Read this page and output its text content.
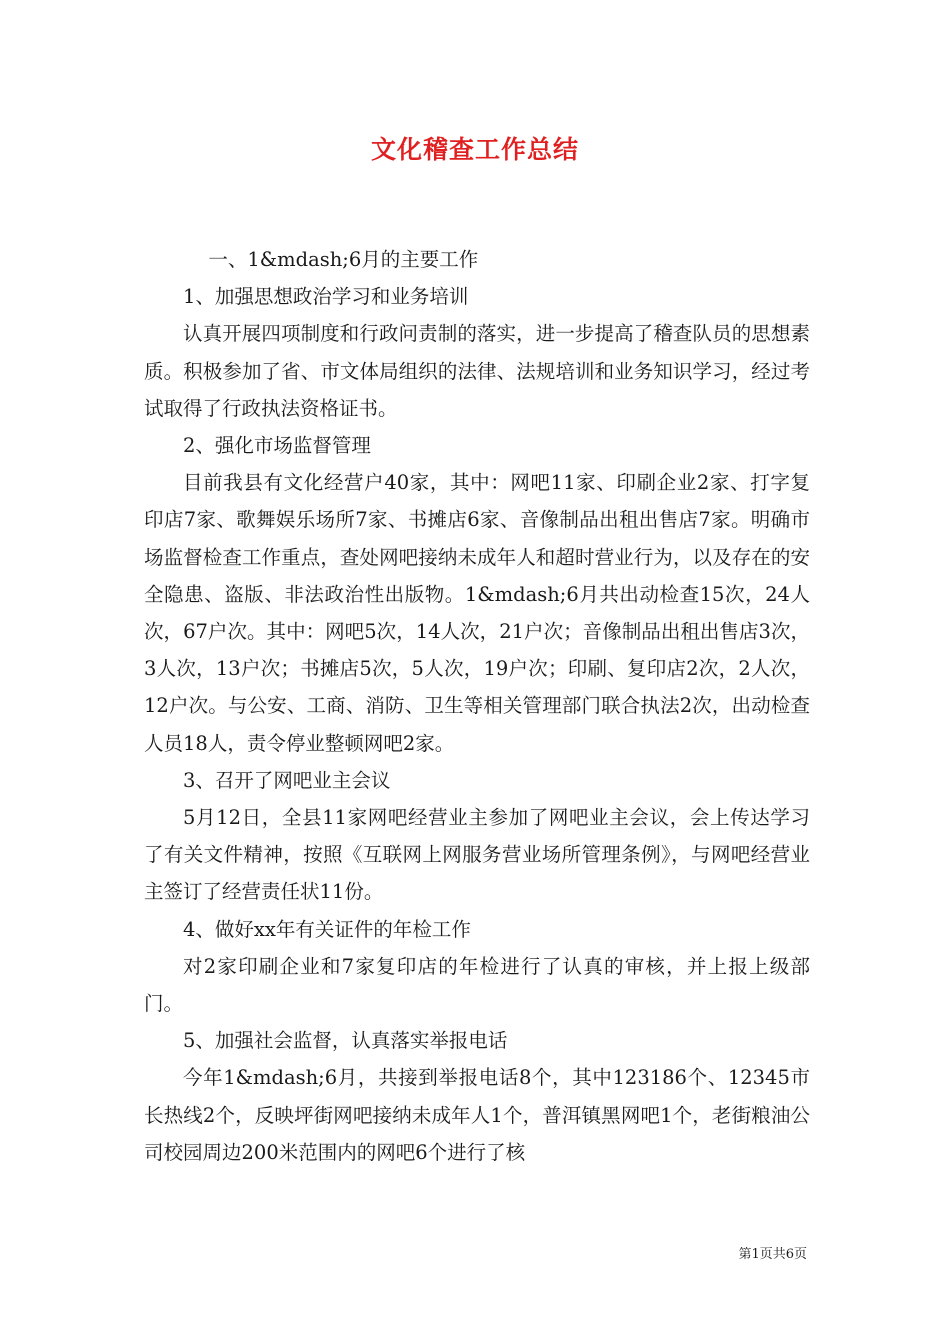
文化稽查工作总结

一、1&mdash;6月的主要工作

1、加强思想政治学习和业务培训

认真开展四项制度和行政问责制的落实，进一步提高了稽查队员的思想素质。积极参加了省、市文体局组织的法律、法规培训和业务知识学习，经过考试取得了行政执法资格证书。

2、强化市场监督管理

目前我县有文化经营户40家，其中：网吧11家、印刷企业2家、打字复印店7家、歌舞娱乐场所7家、书摊店6家、音像制品出租出售店7家。明确市场监督检查工作重点，查处网吧接纳未成年人和超时营业行为，以及存在的安全隐患、盗版、非法政治性出版物。1&mdash;6月共出动检查15次，24人次，67户次。其中：网吧5次，14人次，21户次；音像制品出租出售店3次，3人次，13户次；书摊店5次，5人次，19户次；印刷、复印店2次，2人次，12户次。与公安、工商、消防、卫生等相关管理部门联合执法2次，出动检查人员18人，责令停业整顿网吧2家。

3、召开了网吧业主会议

5月12日，全县11家网吧经营业主参加了网吧业主会议，会上传达学习了有关文件精神，按照《互联网上网服务营业场所管理条例》，与网吧经营业主签订了经营责任状11份。

4、做好xx年有关证件的年检工作

对2家印刷企业和7家复印店的年检进行了认真的审核，并上报上级部门。

5、加强社会监督，认真落实举报电话

今年1&mdash;6月，共接到举报电话8个，其中123186个、12345市长热线2个，反映坪街网吧接纳未成年人1个，普洱镇黑网吧1个，老街粮油公司校园周边200米范围内的网吧6个进行了核

第1页共6页
